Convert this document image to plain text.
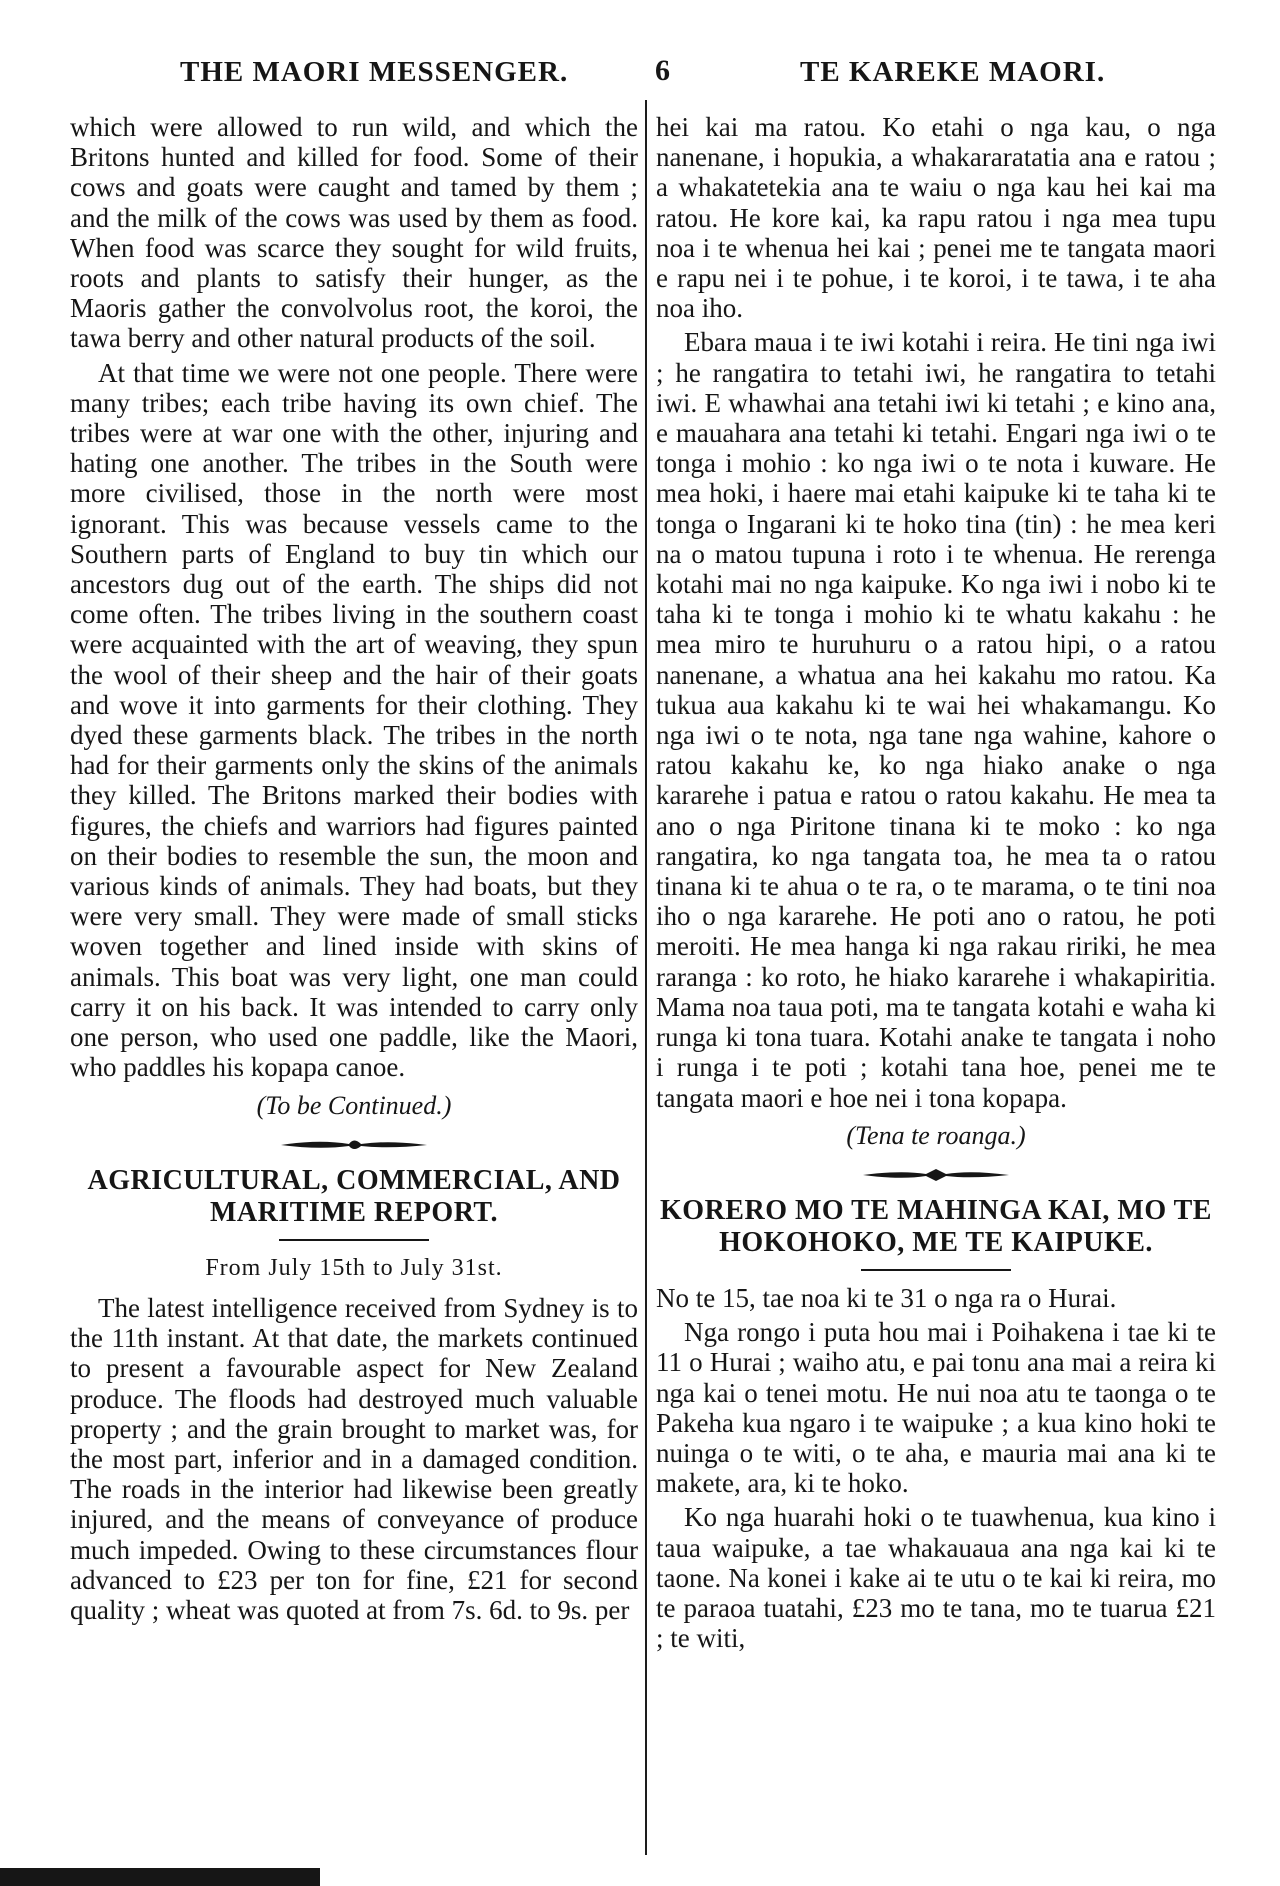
THE MAORI MESSENGER.	6	TE KAREKE MAORI.

which were allowed to run wild, and which the Britons hunted and killed for food. Some of their cows and goats were caught and tamed by them ; and the milk of the cows was used by them as food. When food was scarce they sought for wild fruits, roots and plants to satisfy their hunger, as the Maoris gather the convolvolus root, the koroi, the tawa berry and other natural products of the soil.

At that time we were not one people. There were many tribes; each tribe having its own chief. The tribes were at war one with the other, injuring and hating one another. The tribes in the South were more civilised, those in the north were most ignorant. This was because vessels came to the Southern parts of England to buy tin which our ancestors dug out of the earth. The ships did not come often. The tribes living in the southern coast were acquainted with the art of weaving, they spun the wool of their sheep and the hair of their goats and wove it into garments for their clothing. They dyed these garments black. The tribes in the north had for their garments only the skins of the animals they killed. The Britons marked their bodies with figures, the chiefs and warriors had figures painted on their bodies to resemble the sun, the moon and various kinds of animals. They had boats, but they were very small. They were made of small sticks woven together and lined inside with skins of animals. This boat was very light, one man could carry it on his back. It was intended to carry only one person, who used one paddle, like the Maori, who paddles his kopapa canoe.

(To be Continued.)
AGRICULTURAL, COMMERCIAL, AND
MARITIME REPORT.
From July 15th to July 31st.

The latest intelligence received from Sydney is to the 11th instant. At that date, the markets continued to present a favourable aspect for New Zealand produce. The floods had destroyed much valuable property ; and the grain brought to market was, for the most part, inferior and in a damaged condition. The roads in the interior had likewise been greatly injured, and the means of conveyance of produce much impeded. Owing to these circumstances flour advanced to £23 per ton for fine, £21 for second quality ; wheat was quoted at from 7s. 6d. to 9s. per

hei kai ma ratou. Ko etahi o nga kau, o nga nanenane, i hopukia, a whakararatatia ana e ratou ; a whakatetekia ana te waiu o nga kau hei kai ma ratou. He kore kai, ka rapu ratou i nga mea tupu noa i te whenua hei kai ; penei me te tangata maori e rapu nei i te pohue, i te koroi, i te tawa, i te aha noa iho.

Ebara maua i te iwi kotahi i reira. He tini nga iwi ; he rangatira to tetahi iwi, he rangatira to tetahi iwi. E whawhai ana tetahi iwi ki tetahi ; e kino ana, e mauahara ana tetahi ki tetahi. Engari nga iwi o te tonga i mohio : ko nga iwi o te nota i kuware. He mea hoki, i haere mai etahi kaipuke ki te taha ki te tonga o Ingarani ki te hoko tina (tin) : he mea keri na o matou tupuna i roto i te whenua. He rerenga kotahi mai no nga kaipuke. Ko nga iwi i nobo ki te taha ki te tonga i mohio ki te whatu kakahu : he mea miro te huruhuru o a ratou hipi, o a ratou nanenane, a whatua ana hei kakahu mo ratou. Ka tukua aua kakahu ki te wai hei whakamangu. Ko nga iwi o te nota, nga tane nga wahine, kahore o ratou kakahu ke, ko nga hiako anake o nga kararehe i patua e ratou o ratou kakahu. He mea ta ano o nga Piritone tinana ki te moko : ko nga rangatira, ko nga tangata toa, he mea ta o ratou tinana ki te ahua o te ra, o te marama, o te tini noa iho o nga kararehe. He poti ano o ratou, he poti meroiti. He mea hanga ki nga rakau ririki, he mea raranga : ko roto, he hiako kararehe i whakapiritia. Mama noa taua poti, ma te tangata kotahi e waha ki runga ki tona tuara. Kotahi anake te tangata i noho i runga i te poti ; kotahi tana hoe, penei me te tangata maori e hoe nei i tona kopapa.

(Tena te roanga.)
KORERO MO TE MAHINGA KAI, MO TE
HOKOHOKO, ME TE KAIPUKE.

No te 15, tae noa ki te 31 o nga ra o Hurai.

Nga rongo i puta hou mai i Poihakena i tae ki te 11 o Hurai ; waiho atu, e pai tonu ana mai a reira ki nga kai o tenei motu. He nui noa atu te taonga o te Pakeha kua ngaro i te waipuke ; a kua kino hoki te nuinga o te witi, o te aha, e mauria mai ana ki te makete, ara, ki te hoko.

Ko nga huarahi hoki o te tuawhenua, kua kino i taua waipuke, a tae whakauaua ana nga kai ki te taone. Na konei i kake ai te utu o te kai ki reira, mo te paraoa tuatahi, £23 mo te tana, mo te tuarua £21 ; te witi,
